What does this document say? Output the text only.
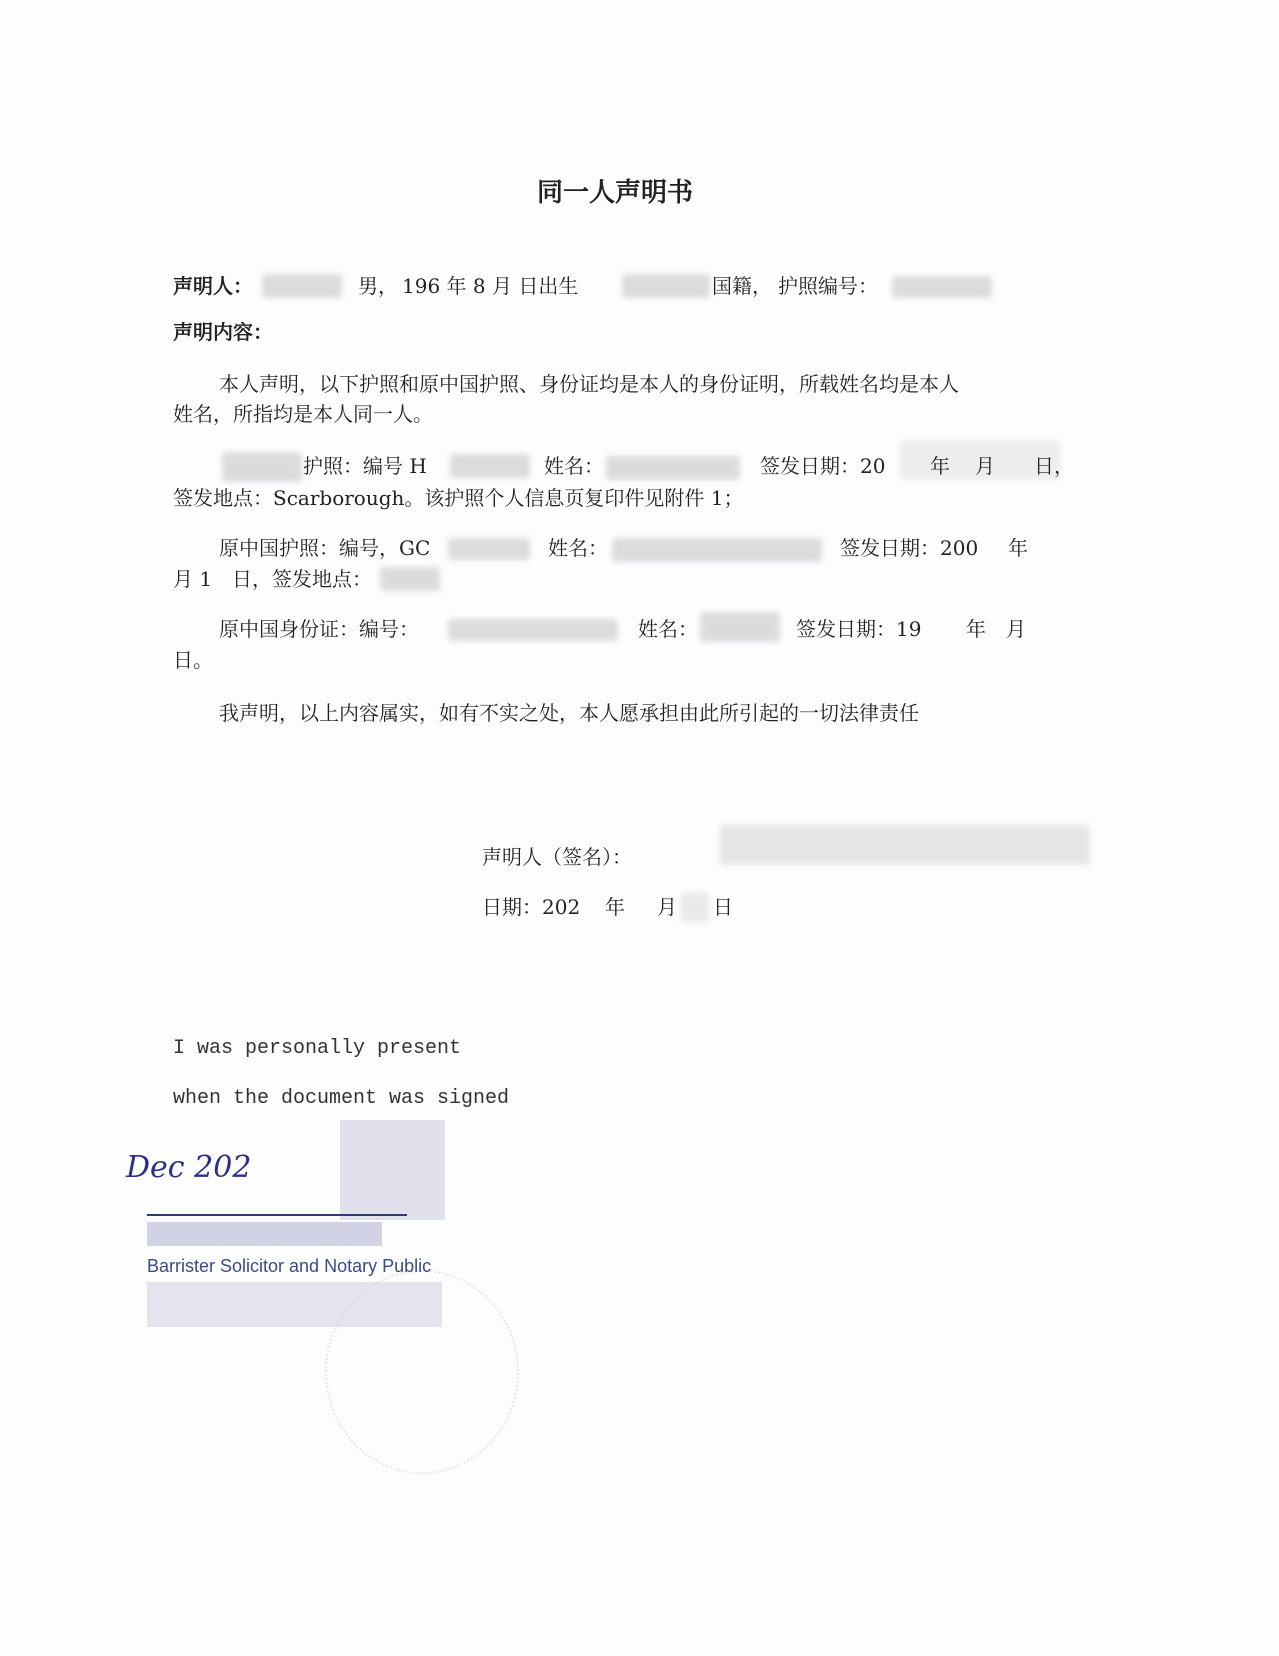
同一人声明书
声明人：	男， 196 年 8 月 日出生	国籍， 护照编号：
声明内容：
本人声明，以下护照和原中国护照、身份证均是本人的身份证明，所载姓名均是本人
姓名，所指均是本人同一人。
护照：编号 H	姓名：	签发日期：20 年 月 日，
签发地点：Scarborough。该护照个人信息页复印件见附件 1；
原中国护照：编号，GC	姓名：	签发日期：200 年
月 1 日，签发地点：
原中国身份证：编号：	姓名：	签发日期：19 年 月
日。
我声明，以上内容属实，如有不实之处，本人愿承担由此所引起的一切法律责任
声明人（签名）：
日期：202 年 月 日
I was personally present
when the document was signed
Dec 202
Barrister Solicitor and Notary Public
